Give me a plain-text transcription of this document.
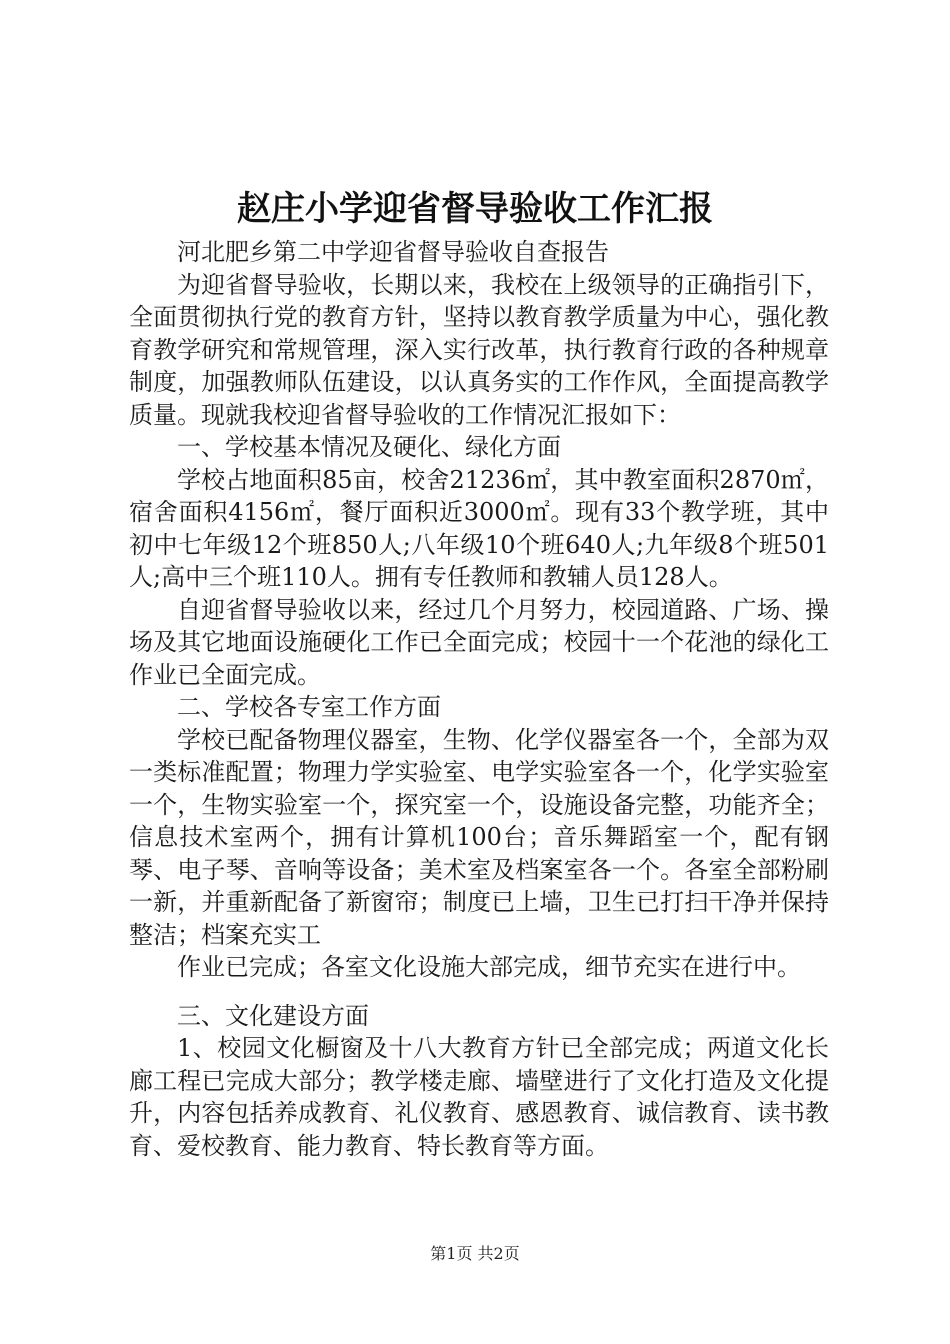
赵庄小学迎省督导验收工作汇报

河北肥乡第二中学迎省督导验收自查报告

为迎省督导验收，长期以来，我校在上级领导的正确指引下，全面贯彻执行党的教育方针，坚持以教育教学质量为中心，强化教育教学研究和常规管理，深入实行改革，执行教育行政的各种规章制度，加强教师队伍建设，以认真务实的工作作风，全面提高教学质量。现就我校迎省督导验收的工作情况汇报如下：

一、学校基本情况及硬化、绿化方面

学校占地面积85亩，校舍21236㎡，其中教室面积2870㎡，宿舍面积4156㎡，餐厅面积近3000㎡。现有33个教学班，其中初中七年级12个班850人;八年级10个班640人;九年级8个班501人;高中三个班110人。拥有专任教师和教辅人员128人。

自迎省督导验收以来，经过几个月努力，校园道路、广场、操场及其它地面设施硬化工作已全面完成；校园十一个花池的绿化工作业已全面完成。

二、学校各专室工作方面

学校已配备物理仪器室，生物、化学仪器室各一个，全部为双一类标准配置；物理力学实验室、电学实验室各一个，化学实验室一个，生物实验室一个，探究室一个，设施设备完整，功能齐全；信息技术室两个，拥有计算机100台；音乐舞蹈室一个，配有钢琴、电子琴、音响等设备；美术室及档案室各一个。各室全部粉刷一新，并重新配备了新窗帘；制度已上墙，卫生已打扫干净并保持整洁；档案充实工

作业已完成；各室文化设施大部完成，细节充实在进行中。

三、文化建设方面

1、校园文化橱窗及十八大教育方针已全部完成；两道文化长廊工程已完成大部分；教学楼走廊、墙壁进行了文化打造及文化提升，内容包括养成教育、礼仪教育、感恩教育、诚信教育、读书教育、爱校教育、能力教育、特长教育等方面。

第1页 共2页
